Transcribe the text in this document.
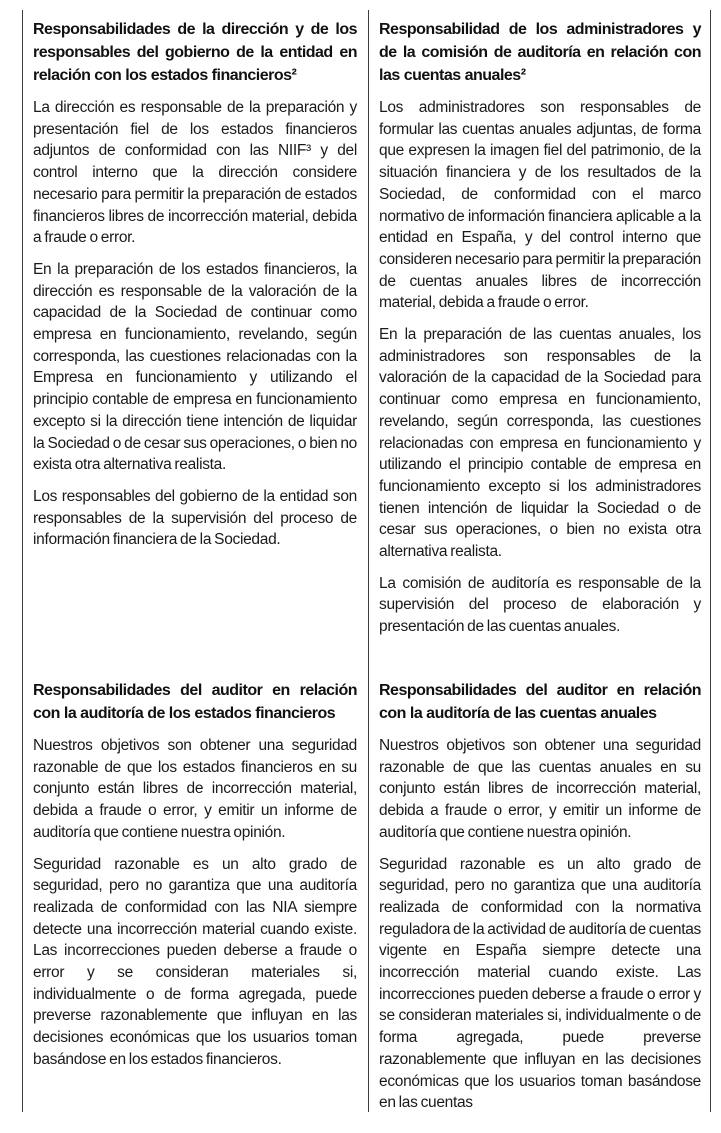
Responsabilidades de la dirección y de los responsables del gobierno de la entidad en relación con los estados financieros²

La dirección es responsable de la preparación y presentación fiel de los estados financieros adjuntos de conformidad con las NIIF³ y del control interno que la dirección considere necesario para permitir la preparación de estados financieros libres de incorrección material, debida a fraude o error.

En la preparación de los estados financieros, la dirección es responsable de la valoración de la capacidad de la Sociedad de continuar como empresa en funcionamiento, revelando, según corresponda, las cuestiones relacionadas con la Empresa en funcionamiento y utilizando el principio contable de empresa en funcionamiento excepto si la dirección tiene intención de liquidar la Sociedad o de cesar sus operaciones, o bien no exista otra alternativa realista.

Los responsables del gobierno de la entidad son responsables de la supervisión del proceso de información financiera de la Sociedad.

Responsabilidad de los administradores y de la comisión de auditoría en relación con las cuentas anuales²

Los administradores son responsables de formular las cuentas anuales adjuntas, de forma que expresen la imagen fiel del patrimonio, de la situación financiera y de los resultados de la Sociedad, de conformidad con el marco normativo de información financiera aplicable a la entidad en España, y del control interno que consideren necesario para permitir la preparación de cuentas anuales libres de incorrección material, debida a fraude o error.

En la preparación de las cuentas anuales, los administradores son responsables de la valoración de la capacidad de la Sociedad para continuar como empresa en funcionamiento, revelando, según corresponda, las cuestiones relacionadas con empresa en funcionamiento y utilizando el principio contable de empresa en funcionamiento excepto si los administradores tienen intención de liquidar la Sociedad o de cesar sus operaciones, o bien no exista otra alternativa realista.

La comisión de auditoría es responsable de la supervisión del proceso de elaboración y presentación de las cuentas anuales.

Responsabilidades del auditor en relación con la auditoría de los estados financieros

Nuestros objetivos son obtener una seguridad razonable de que los estados financieros en su conjunto están libres de incorrección material, debida a fraude o error, y emitir un informe de auditoría que contiene nuestra opinión.

Seguridad razonable es un alto grado de seguridad, pero no garantiza que una auditoría realizada de conformidad con las NIA siempre detecte una incorrección material cuando existe. Las incorrecciones pueden deberse a fraude o error y se consideran materiales si, individualmente o de forma agregada, puede preverse razonablemente que influyan en las decisiones económicas que los usuarios toman basándose en los estados financieros.

Responsabilidades del auditor en relación con la auditoría de las cuentas anuales

Nuestros objetivos son obtener una seguridad razonable de que las cuentas anuales en su conjunto están libres de incorrección material, debida a fraude o error, y emitir un informe de auditoría que contiene nuestra opinión.

Seguridad razonable es un alto grado de seguridad, pero no garantiza que una auditoría realizada de conformidad con la normativa reguladora de la actividad de auditoría de cuentas vigente en España siempre detecte una incorrección material cuando existe. Las incorrecciones pueden deberse a fraude o error y se consideran materiales si, individualmente o de forma agregada, puede preverse razonablemente que influyan en las decisiones económicas que los usuarios toman basándose en las cuentas
